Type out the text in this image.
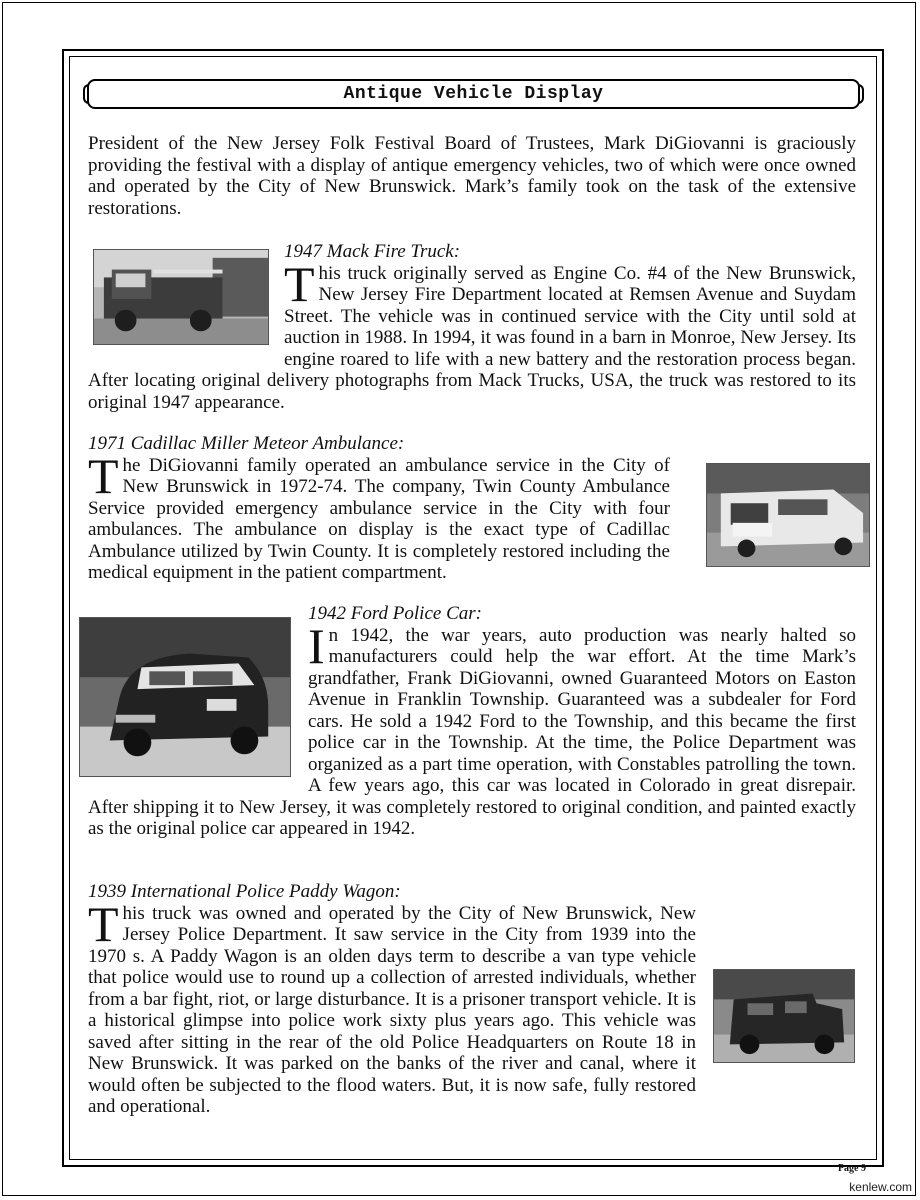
Antique Vehicle Display

President of the New Jersey Folk Festival Board of Trustees, Mark DiGiovanni is graciously providing the festival with a display of antique emergency vehicles, two of which were once owned and operated by the City of New Brunswick. Mark’s family took on the task of the extensive restorations.

1947 Mack Fire Truck:
T his truck originally served as Engine Co. #4 of the New Brunswick, New Jersey Fire Department located at Remsen Avenue and Suydam Street. The vehicle was in continued service with the City until sold at auction in 1988. In 1994, it was found in a barn in Monroe, New Jersey. Its engine roared to life with a new battery and the restoration process began. After locating original delivery photographs from Mack Trucks, USA, the truck was restored to its original 1947 appearance.
1971 Cadillac Miller Meteor Ambulance:
T he DiGiovanni family operated an ambulance service in the City of New Brunswick in 1972-74. The company, Twin County Ambulance Service provided emergency ambulance service in the City with four ambulances. The ambulance on display is the exact type of Cadillac Ambulance utilized by Twin County. It is completely restored including the medical equipment in the patient compartment.
1942 Ford Police Car:
I n 1942, the war years, auto production was nearly halted so manufacturers could help the war effort. At the time Mark’s grandfather, Frank DiGiovanni, owned Guaranteed Motors on Easton Avenue in Franklin Township. Guaranteed was a subdealer for Ford cars. He sold a 1942 Ford to the Township, and this became the first police car in the Township. At the time, the Police Department was organized as a part time operation, with Constables patrolling the town. A few years ago, this car was located in Colorado in great disrepair. After shipping it to New Jersey, it was completely restored to original condition, and painted exactly as the original police car appeared in 1942.
1939 International Police Paddy Wagon:
T his truck was owned and operated by the City of New Brunswick, New Jersey Police Department. It saw service in the City from 1939 into the 1970 s. A Paddy Wagon is an olden days term to describe a van type vehicle that police would use to round up a collection of arrested individuals, whether from a bar fight, riot, or large disturbance. It is a prisoner transport vehicle. It is a historical glimpse into police work sixty plus years ago. This vehicle was saved after sitting in the rear of the old Police Headquarters on Route 18 in New Brunswick. It was parked on the banks of the river and canal, where it would often be subjected to the flood waters. But, it is now safe, fully restored and operational.
Page 9
kenlew.com
